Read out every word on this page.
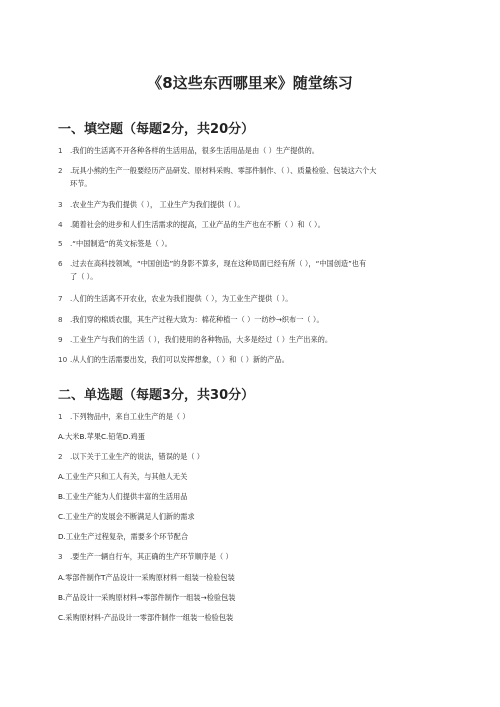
《8这些东西哪里来》随堂练习
一、填空题（每题2分，共20分）
1 .我们的生活离不开各种各样的生活用品，很多生活用品是由（ ）生产提供的。
2 .玩具小熊的生产一般要经历产品研发、原材料采购、零部件制作、（ ）、质量检验、包装这六个大
环节。
3 .农业生产为我们提供（ ）， 工业生产为我们提供（ ）。
4 .随着社会的进步和人们生活需求的提高，工业产品的生产也在不断（ ）和（ ）。
5 .“中国制造”的英文标签是（ ）。
6 .过去在高科技领域，“中国创造”的身影不算多，现在这种局面已经有所（ ），“中国创造”也有
了（ ）。
7 .人们的生活离不开农业，农业为我们提供（ ），为工业生产提供（ ）。
8 .我们穿的棉质衣服，其生产过程大致为：棉花种植一（ ）一纺纱→织布一（ ）。
9 .工业生产与我们的生活（ ），我们使用的各种物品，大多是经过（ ）生产出来的。
10 .从人们的生活需要出发，我们可以发挥想象，（ ）和（ ）新的产品。
二、单选题（每题3分，共30分）
1 .下列物品中，来自工业生产的是（ ）
A.大米B.苹果C.铅笔D.鸡蛋
2 .以下关于工业生产的说法，错误的是（ ）
A.工业生产只和工人有关，与其他人无关
B.工业生产能为人们提供丰富的生活用品
C.工业生产的发展会不断满足人们新的需求
D.工业生产过程复杂，需要多个环节配合
3 .要生产一辆自行车，其正确的生产环节顺序是（ ）
A.零部件制作T产品设计一采购原材料一组装一检验包装
B.产品设计一采购原材料→零部件制作一组装→检验包装
C.采购原材料-产品设计一零部件制作一组装一检验包装
